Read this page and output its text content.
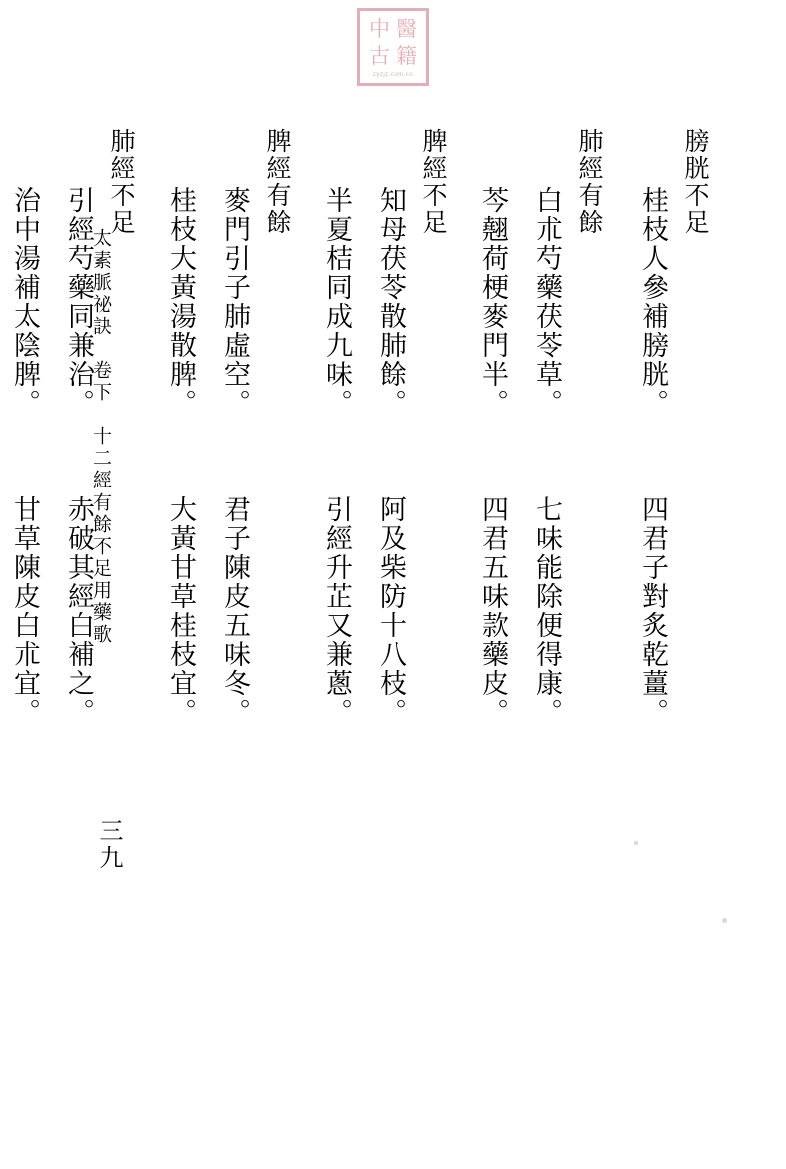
中 醫
古 籍
zyzjz.com.cn
太素脈祕訣　卷下　十二經有餘不足用藥歌
三九
膀胱不足
桂枝人參補膀胱。
四君子對炙乾薑。
肺經有餘
白朮芍藥茯苓草。
七味能除便得康。
芩翹荷梗麥門半。
四君五味款藥皮。
脾經不足
知母茯苓散肺餘。
阿及柴防十八枝。
半夏桔同成九味。
引經升芷又兼蔥。
脾經有餘
麥門引子肺虛空。
君子陳皮五味冬。
桂枝大黃湯散脾。
大黃甘草桂枝宜。
肺經不足
引經芍藥同兼治。
赤破其經白補之。
治中湯補太陰脾。
甘草陳皮白朮宜。
